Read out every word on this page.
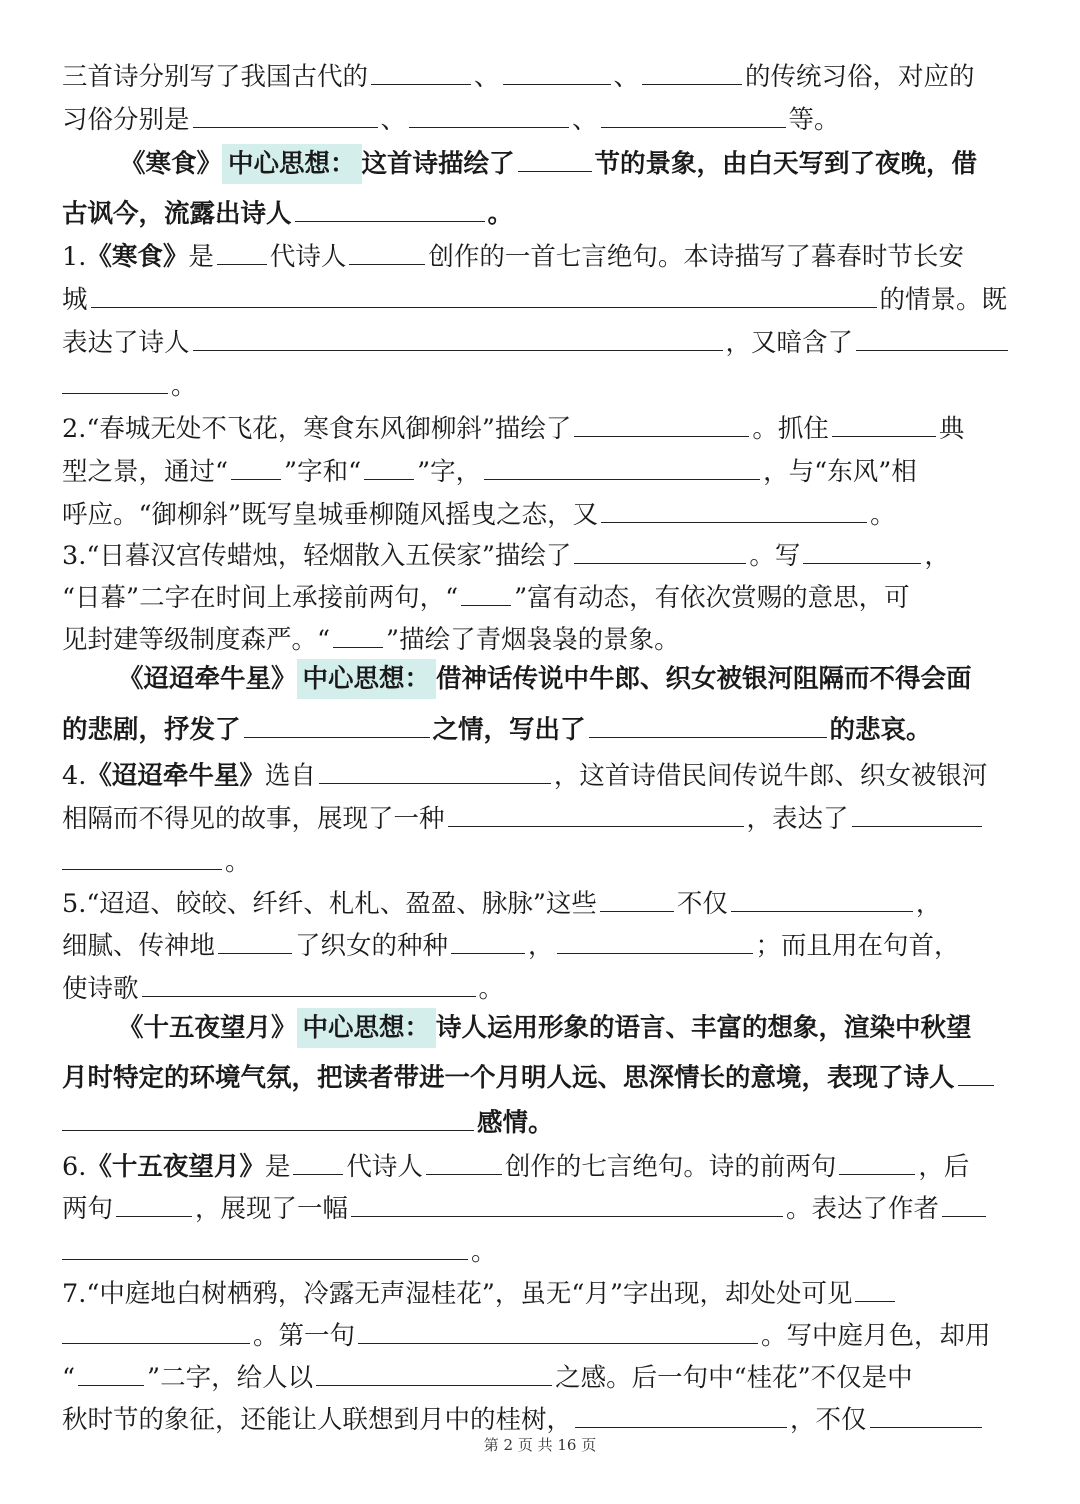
三首诗分别写了我国古代的	、	、	的传统习俗，对应的
习俗分别是	、	、	等。
《寒食》 中心思想： 这首诗描绘了	节的景象，由白天写到了夜晚，借
古讽今，流露出诗人	。
1.《寒食》是 代诗人	创作的一首七言绝句。本诗描写了暮春时节长安
城	的情景。既
表达了诗人	，又暗含了
。
2.“春城无处不飞花，寒食东风御柳斜”描绘了	。抓住	典
型之景，通过“ ”字和“ ”字，	，与“东风”相
呼应。“御柳斜”既写皇城垂柳随风摇曳之态，又	。
3.“日暮汉宫传蜡烛，轻烟散入五侯家”描绘了	。写	，
“日暮”二字在时间上承接前两句，“ ”富有动态，有依次赏赐的意思，可
见封建等级制度森严。“ ”描绘了青烟袅袅的景象。
《迢迢牵牛星》 中心思想： 借神话传说中牛郎、织女被银河阻隔而不得会面
的悲剧，抒发了	之情，写出了	的悲哀。
4.《迢迢牵牛星》选自	，这首诗借民间传说牛郎、织女被银河
相隔而不得见的故事，展现了一种	，表达了
。
5.“迢迢、皎皎、纤纤、札札、盈盈、脉脉”这些	不仅	，
细腻、传神地	了织女的种种	，	；而且用在句首，
使诗歌	。
《十五夜望月》 中心思想： 诗人运用形象的语言、丰富的想象，渲染中秋望
月时特定的环境气氛，把读者带进一个月明人远、思深情长的意境，表现了诗人
感情。
6.《十五夜望月》是 代诗人	创作的七言绝句。诗的前两句	，后
两句	，展现了一幅	。表达了作者
。
7.“中庭地白树栖鸦，冷露无声湿桂花”，虽无“月”字出现，却处处可见
。第一句	。写中庭月色，却用
“	”二字，给人以	之感。后一句中“桂花”不仅是中
秋时节的象征，还能让人联想到月中的桂树，	，不仅
第 2 页 共 16 页
